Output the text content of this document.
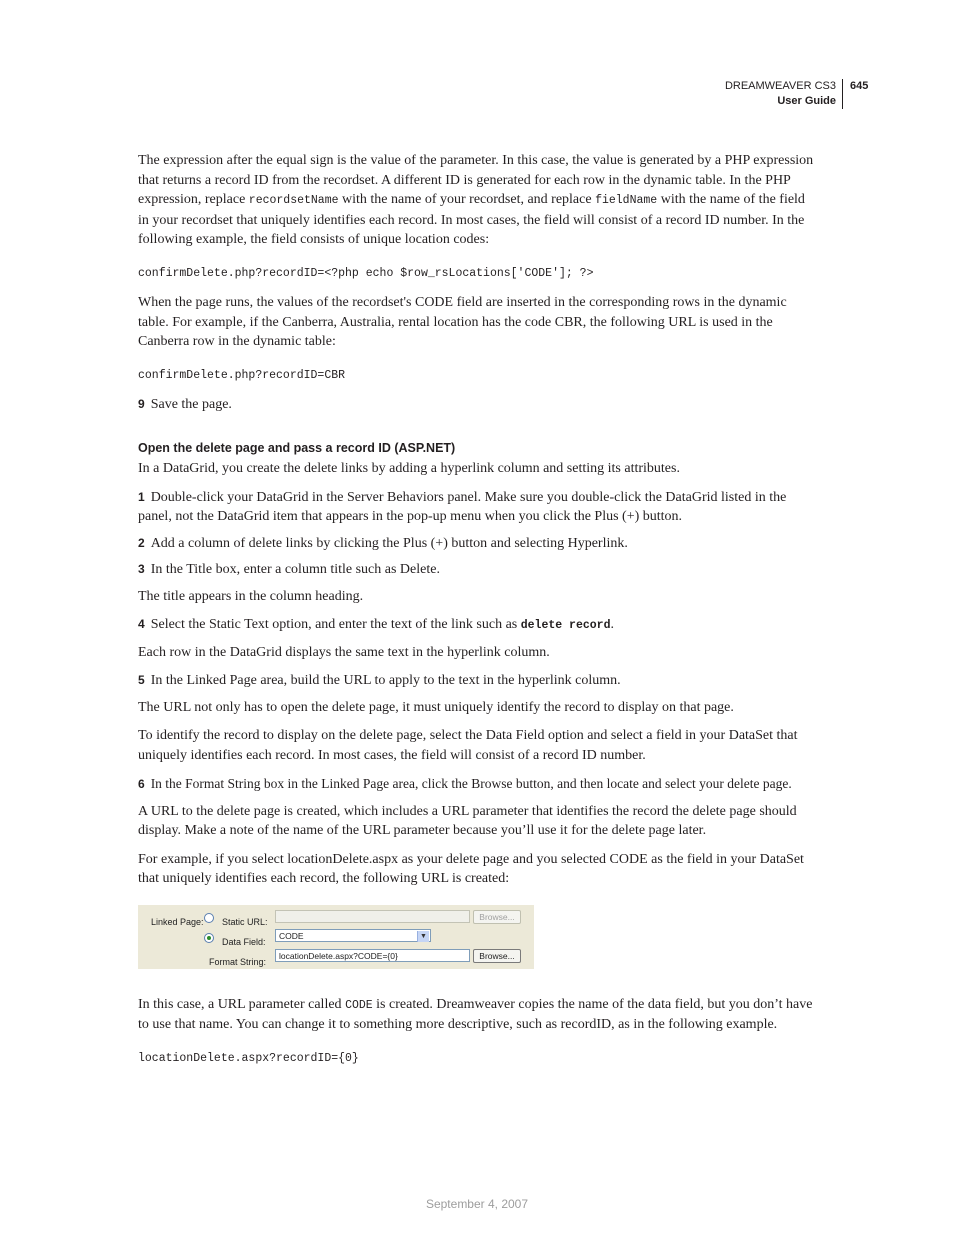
DREAMWEAVER CS3
User Guide
645

The expression after the equal sign is the value of the parameter. In this case, the value is generated by a PHP expression that returns a record ID from the recordset. A different ID is generated for each row in the dynamic table. In the PHP expression, replace recordsetName with the name of your recordset, and replace fieldName with the name of the field in your recordset that uniquely identifies each record. In most cases, the field will consist of a record ID number. In the following example, the field consists of unique location codes:

confirmDelete.php?recordID=<?php echo $row_rsLocations['CODE']; ?>

When the page runs, the values of the recordset's CODE field are inserted in the corresponding rows in the dynamic table. For example, if the Canberra, Australia, rental location has the code CBR, the following URL is used in the Canberra row in the dynamic table:

confirmDelete.php?recordID=CBR

9 Save the page.

Open the delete page and pass a record ID (ASP.NET)

In a DataGrid, you create the delete links by adding a hyperlink column and setting its attributes.

1 Double-click your DataGrid in the Server Behaviors panel. Make sure you double-click the DataGrid listed in the panel, not the DataGrid item that appears in the pop-up menu when you click the Plus (+) button.

2 Add a column of delete links by clicking the Plus (+) button and selecting Hyperlink.

3 In the Title box, enter a column title such as Delete.

The title appears in the column heading.

4 Select the Static Text option, and enter the text of the link such as delete record.

Each row in the DataGrid displays the same text in the hyperlink column.

5 In the Linked Page area, build the URL to apply to the text in the hyperlink column.

The URL not only has to open the delete page, it must uniquely identify the record to display on that page.

To identify the record to display on the delete page, select the Data Field option and select a field in your DataSet that uniquely identifies each record. In most cases, the field will consist of a record ID number.

6 In the Format String box in the Linked Page area, click the Browse button, and then locate and select your delete page.

A URL to the delete page is created, which includes a URL parameter that identifies the record the delete page should display. Make a note of the name of the URL parameter because you’ll use it for the delete page later.

For example, if you select locationDelete.aspx as your delete page and you selected CODE as the field in your DataSet that uniquely identifies each record, the following URL is created:

Linked Page: Static URL:	Browse...
Data Field:
CODE	▼
Format String:
locationDelete.aspx?CODE={0}	Browse...

In this case, a URL parameter called CODE is created. Dreamweaver copies the name of the data field, but you don’t have to use that name. You can change it to something more descriptive, such as recordID, as in the following example.

locationDelete.aspx?recordID={0}
September 4, 2007
